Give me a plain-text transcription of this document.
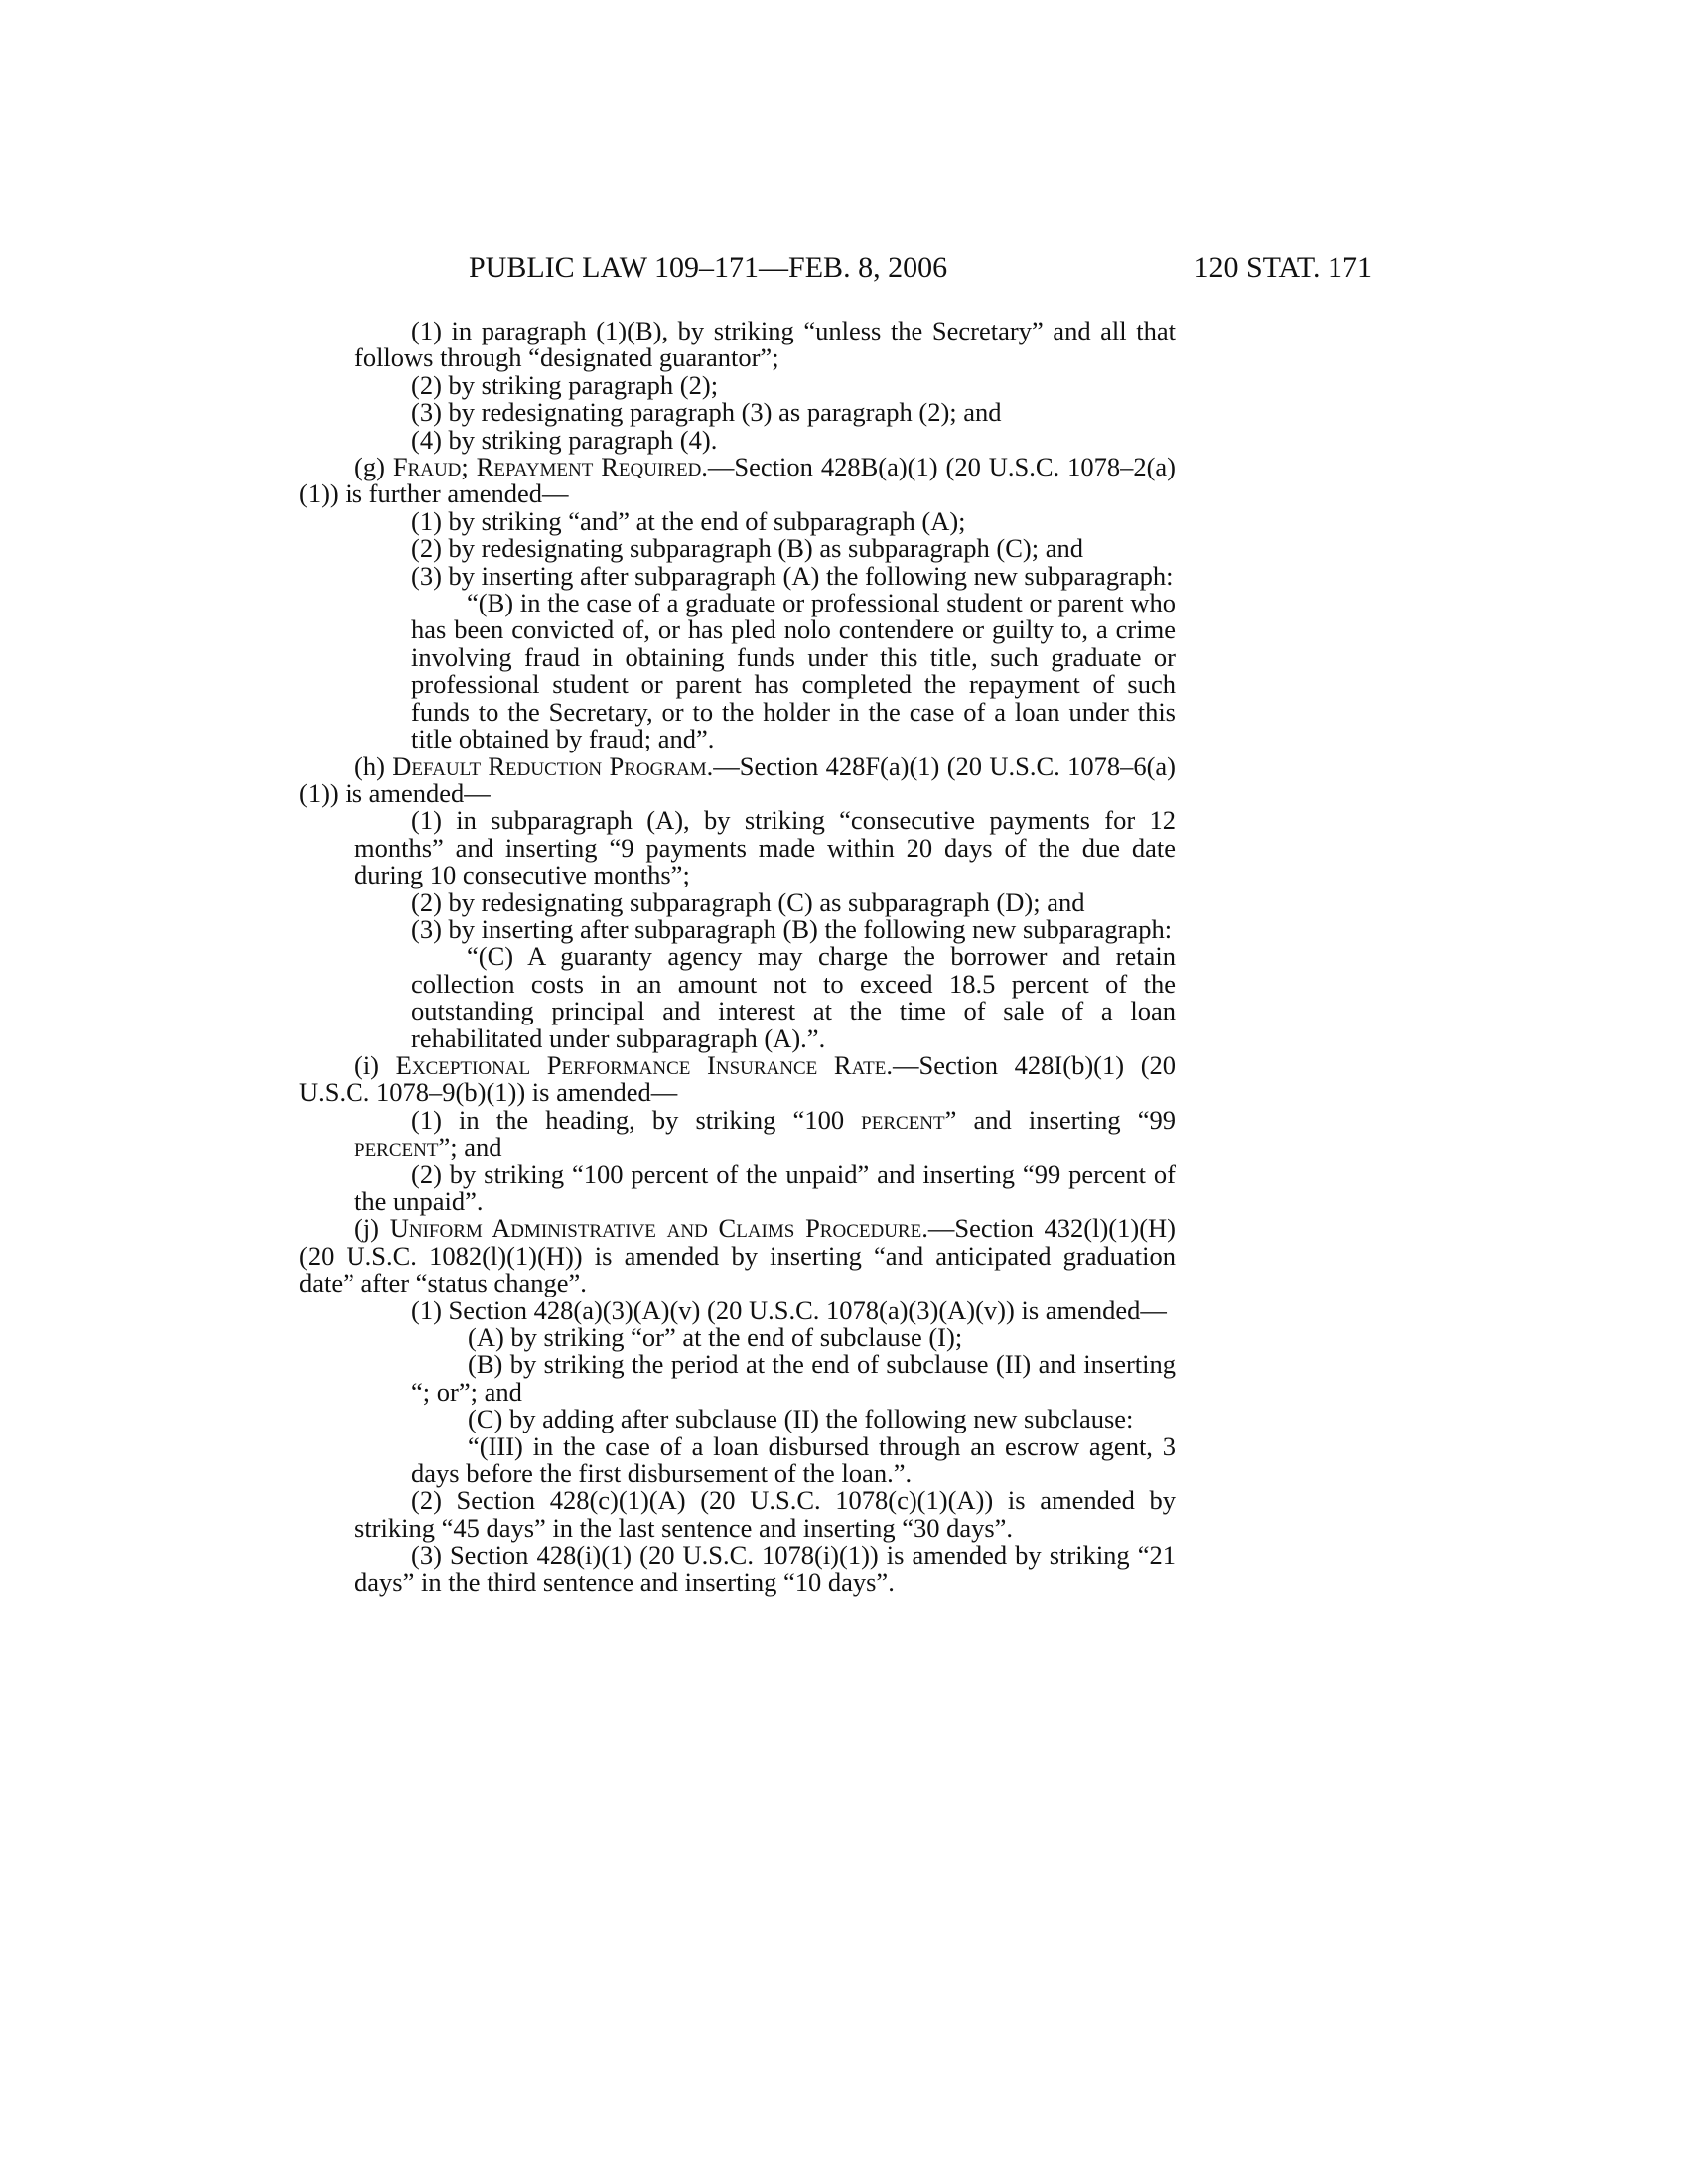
PUBLIC LAW 109–171—FEB. 8, 2006	120 STAT. 171

(1) in paragraph (1)(B), by striking “unless the Secretary” and all that follows through “designated guarantor”;

(2) by striking paragraph (2);

(3) by redesignating paragraph (3) as paragraph (2); and

(4) by striking paragraph (4).

(g) Fraud; Repayment Required.—Section 428B(a)(1) (20 U.S.C. 1078–2(a)(1)) is further amended—

(1) by striking “and” at the end of subparagraph (A);

(2) by redesignating subparagraph (B) as subparagraph (C); and

(3) by inserting after subparagraph (A) the following new subparagraph:

“(B) in the case of a graduate or professional student or parent who has been convicted of, or has pled nolo contendere or guilty to, a crime involving fraud in obtaining funds under this title, such graduate or professional student or parent has completed the repayment of such funds to the Secretary, or to the holder in the case of a loan under this title obtained by fraud; and”.

(h) Default Reduction Program.—Section 428F(a)(1) (20 U.S.C. 1078–6(a)(1)) is amended—

(1) in subparagraph (A), by striking “consecutive payments for 12 months” and inserting “9 payments made within 20 days of the due date during 10 consecutive months”;

(2) by redesignating subparagraph (C) as subparagraph (D); and

(3) by inserting after subparagraph (B) the following new subparagraph:

“(C) A guaranty agency may charge the borrower and retain collection costs in an amount not to exceed 18.5 percent of the outstanding principal and interest at the time of sale of a loan rehabilitated under subparagraph (A).”.

(i) Exceptional Performance Insurance Rate.—Section 428I(b)(1) (20 U.S.C. 1078–9(b)(1)) is amended—

(1) in the heading, by striking “100 percent” and inserting “99 percent”; and

(2) by striking “100 percent of the unpaid” and inserting “99 percent of the unpaid”.

(j) Uniform Administrative and Claims Procedure.—Section 432(l)(1)(H) (20 U.S.C. 1082(l)(1)(H)) is amended by inserting “and anticipated graduation date” after “status change”.

(1) Section 428(a)(3)(A)(v) (20 U.S.C. 1078(a)(3)(A)(v)) is amended—

(A) by striking “or” at the end of subclause (I);

(B) by striking the period at the end of subclause (II) and inserting “; or”; and

(C) by adding after subclause (II) the following new subclause:

“(III) in the case of a loan disbursed through an escrow agent, 3 days before the first disbursement of the loan.”.

(2) Section 428(c)(1)(A) (20 U.S.C. 1078(c)(1)(A)) is amended by striking “45 days” in the last sentence and inserting “30 days”.

(3) Section 428(i)(1) (20 U.S.C. 1078(i)(1)) is amended by striking “21 days” in the third sentence and inserting “10 days”.
